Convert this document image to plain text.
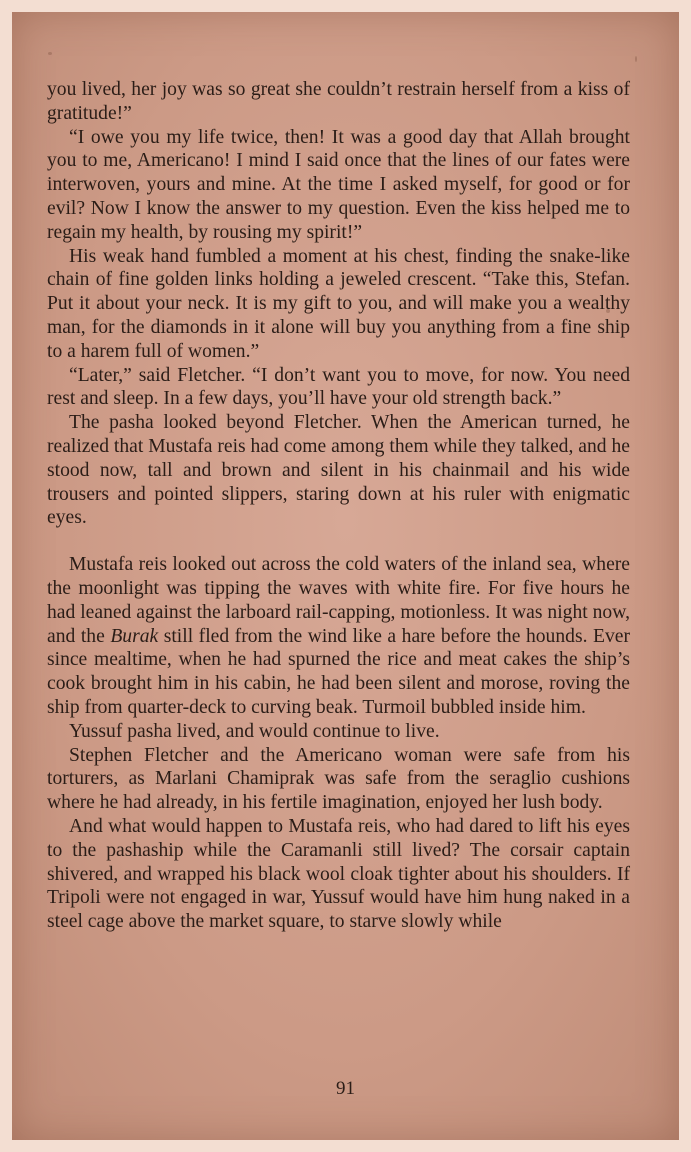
you lived, her joy was so great she couldn’t restrain herself from a kiss of gratitude!”

“I owe you my life twice, then! It was a good day that Allah brought you to me, Americano! I mind I said once that the lines of our fates were interwoven, yours and mine. At the time I asked myself, for good or for evil? Now I know the answer to my question. Even the kiss helped me to regain my health, by rousing my spirit!”

His weak hand fumbled a moment at his chest, finding the snake-like chain of fine golden links holding a jeweled crescent. “Take this, Stefan. Put it about your neck. It is my gift to you, and will make you a wealthy man, for the diamonds in it alone will buy you anything from a fine ship to a harem full of women.”

“Later,” said Fletcher. “I don’t want you to move, for now. You need rest and sleep. In a few days, you’ll have your old strength back.”

The pasha looked beyond Fletcher. When the American turned, he realized that Mustafa reis had come among them while they talked, and he stood now, tall and brown and silent in his chainmail and his wide trousers and pointed slippers, staring down at his ruler with enigmatic eyes.

Mustafa reis looked out across the cold waters of the inland sea, where the moonlight was tipping the waves with white fire. For five hours he had leaned against the larboard rail-capping, motionless. It was night now, and the Burak still fled from the wind like a hare before the hounds. Ever since mealtime, when he had spurned the rice and meat cakes the ship’s cook brought him in his cabin, he had been silent and morose, roving the ship from quarter-deck to curving beak. Turmoil bubbled inside him.

Yussuf pasha lived, and would continue to live.

Stephen Fletcher and the Americano woman were safe from his torturers, as Marlani Chamiprak was safe from the seraglio cushions where he had already, in his fertile imagination, enjoyed her lush body.

And what would happen to Mustafa reis, who had dared to lift his eyes to the pashaship while the Caramanli still lived? The corsair captain shivered, and wrapped his black wool cloak tighter about his shoulders. If Tripoli were not engaged in war, Yussuf would have him hung naked in a steel cage above the market square, to starve slowly while

91
